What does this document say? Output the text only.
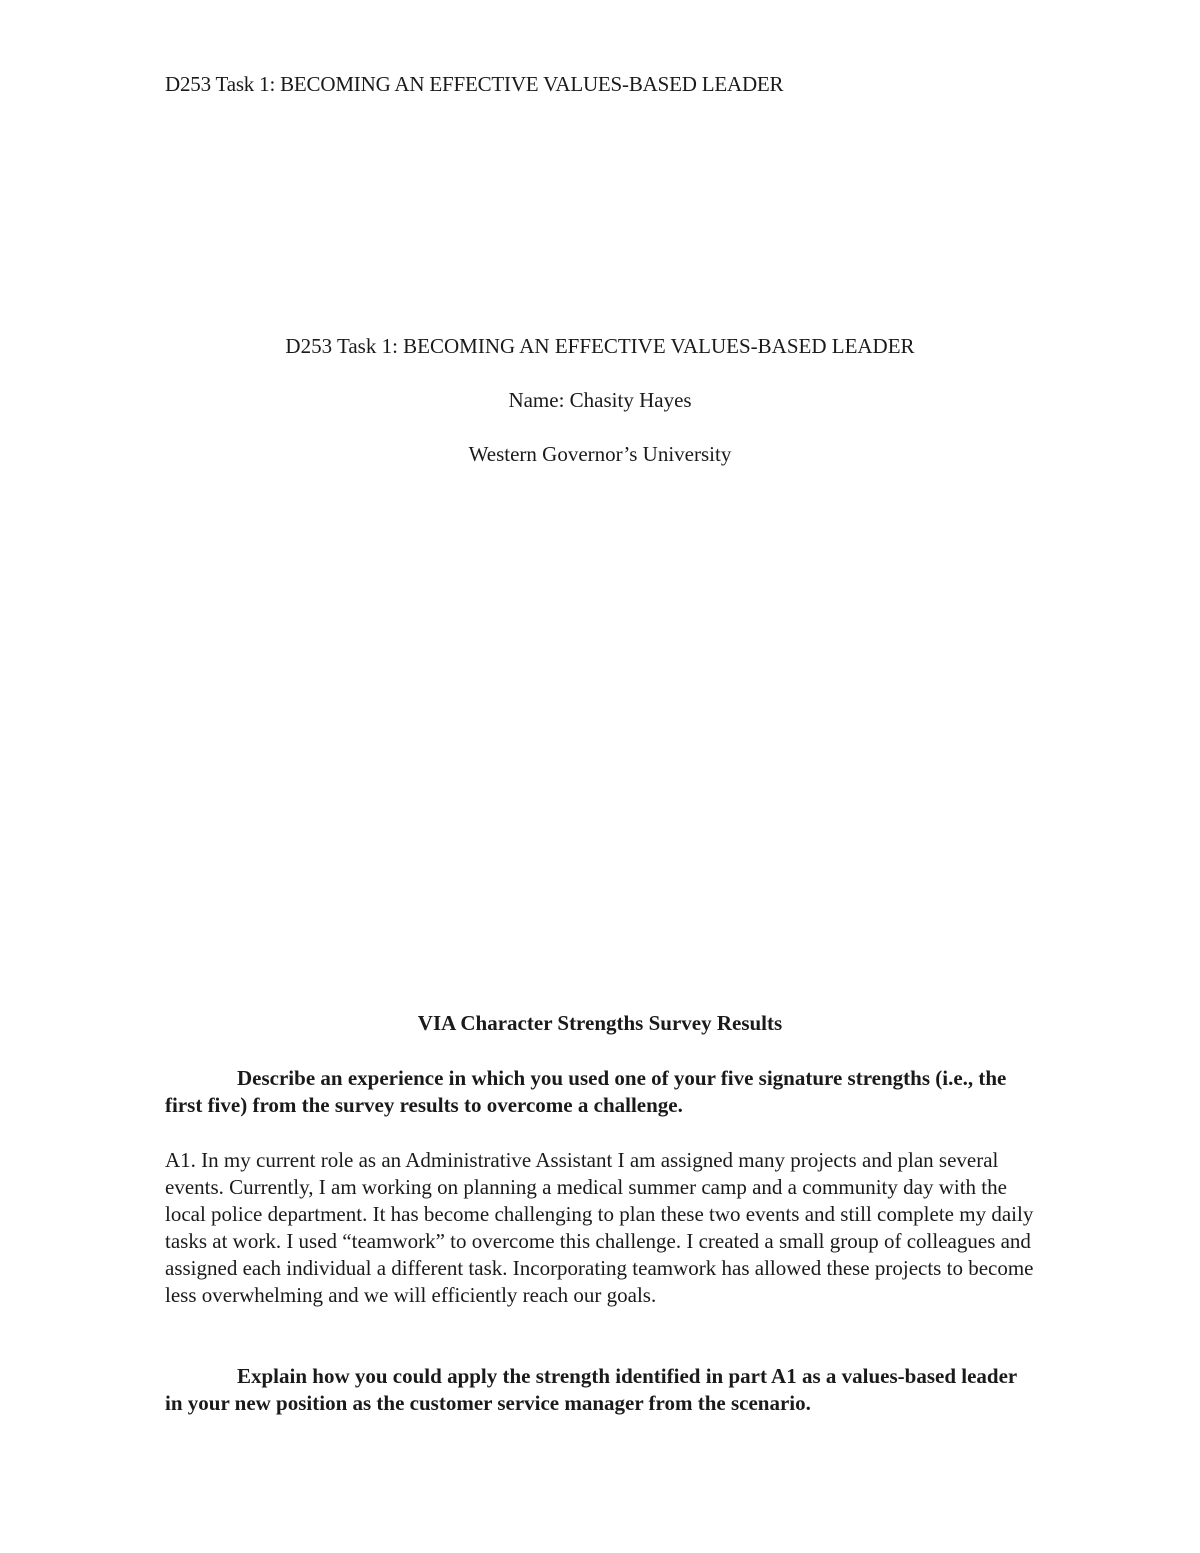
D253 Task 1: BECOMING AN EFFECTIVE VALUES-BASED LEADER
D253 Task 1: BECOMING AN EFFECTIVE VALUES-BASED LEADER
Name: Chasity Hayes
Western Governor’s University
VIA Character Strengths Survey Results

Describe an experience in which you used one of your five signature strengths (i.e., the first five) from the survey results to overcome a challenge.

A1. In my current role as an Administrative Assistant I am assigned many projects and plan several events. Currently, I am working on planning a medical summer camp and a community day with the local police department. It has become challenging to plan these two events and still complete my daily tasks at work. I used “teamwork” to overcome this challenge. I created a small group of colleagues and assigned each individual a different task. Incorporating teamwork has allowed these projects to become less overwhelming and we will efficiently reach our goals.

Explain how you could apply the strength identified in part A1 as a values-based leader in your new position as the customer service manager from the scenario.
